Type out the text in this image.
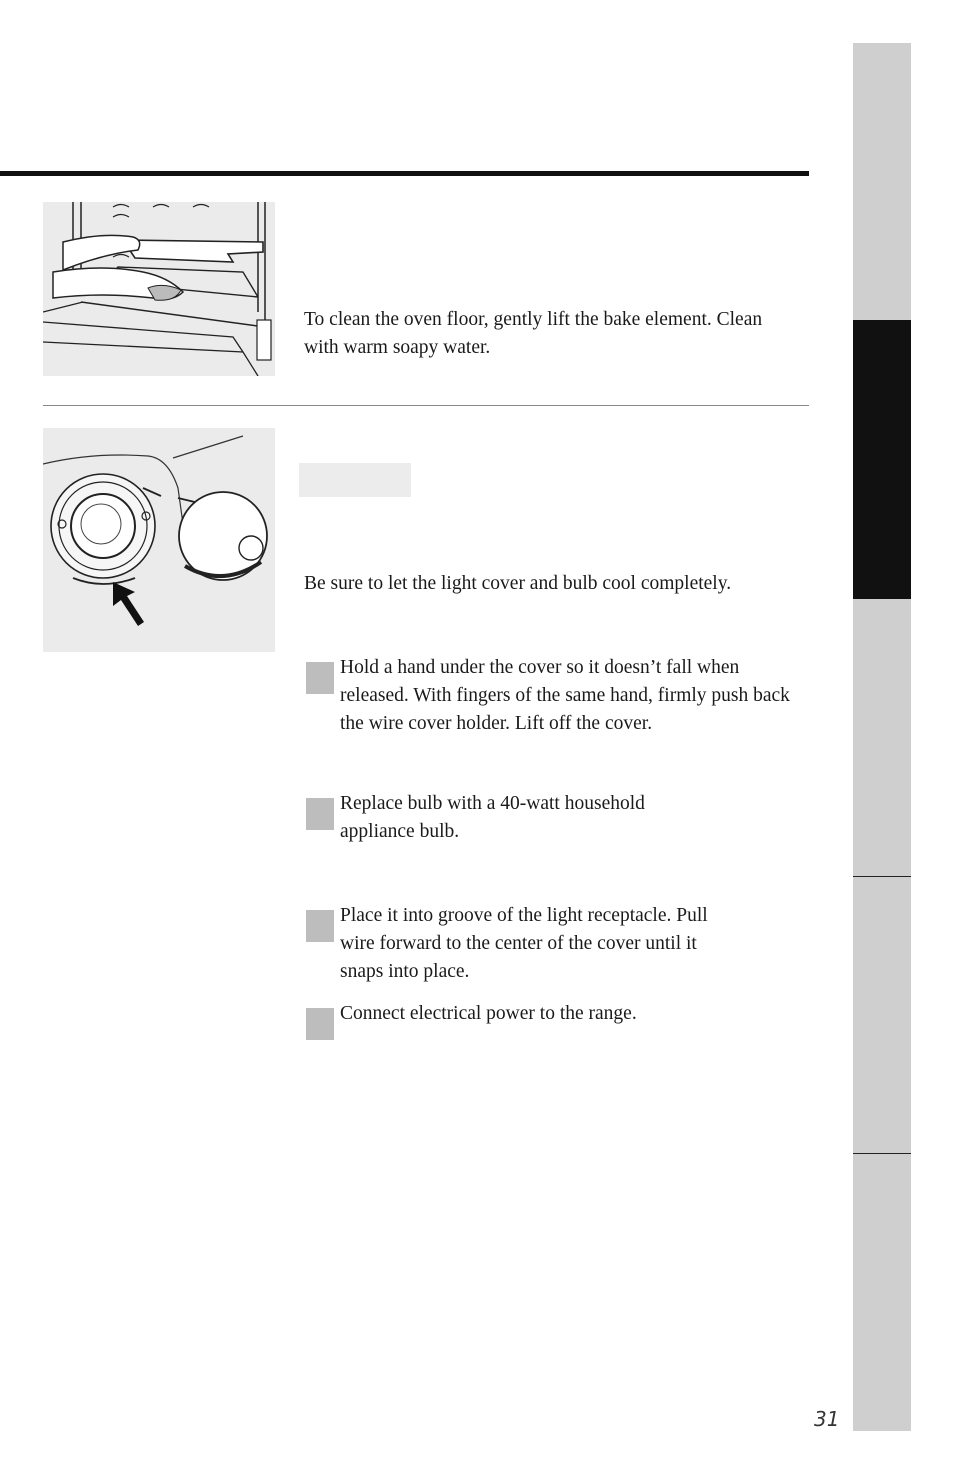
To clean the oven floor, gently lift the bake element. Clean with warm soapy water.
Be sure to let the light cover and bulb cool completely.
Hold a hand under the cover so it doesn’t fall when released. With fingers of the same hand, firmly push back the wire cover holder. Lift off the cover.
Replace bulb with a 40-watt household appliance bulb.
Place it into groove of the light receptacle. Pull wire forward to the center of the cover until it snaps into place.
Connect electrical power to the range.
31
